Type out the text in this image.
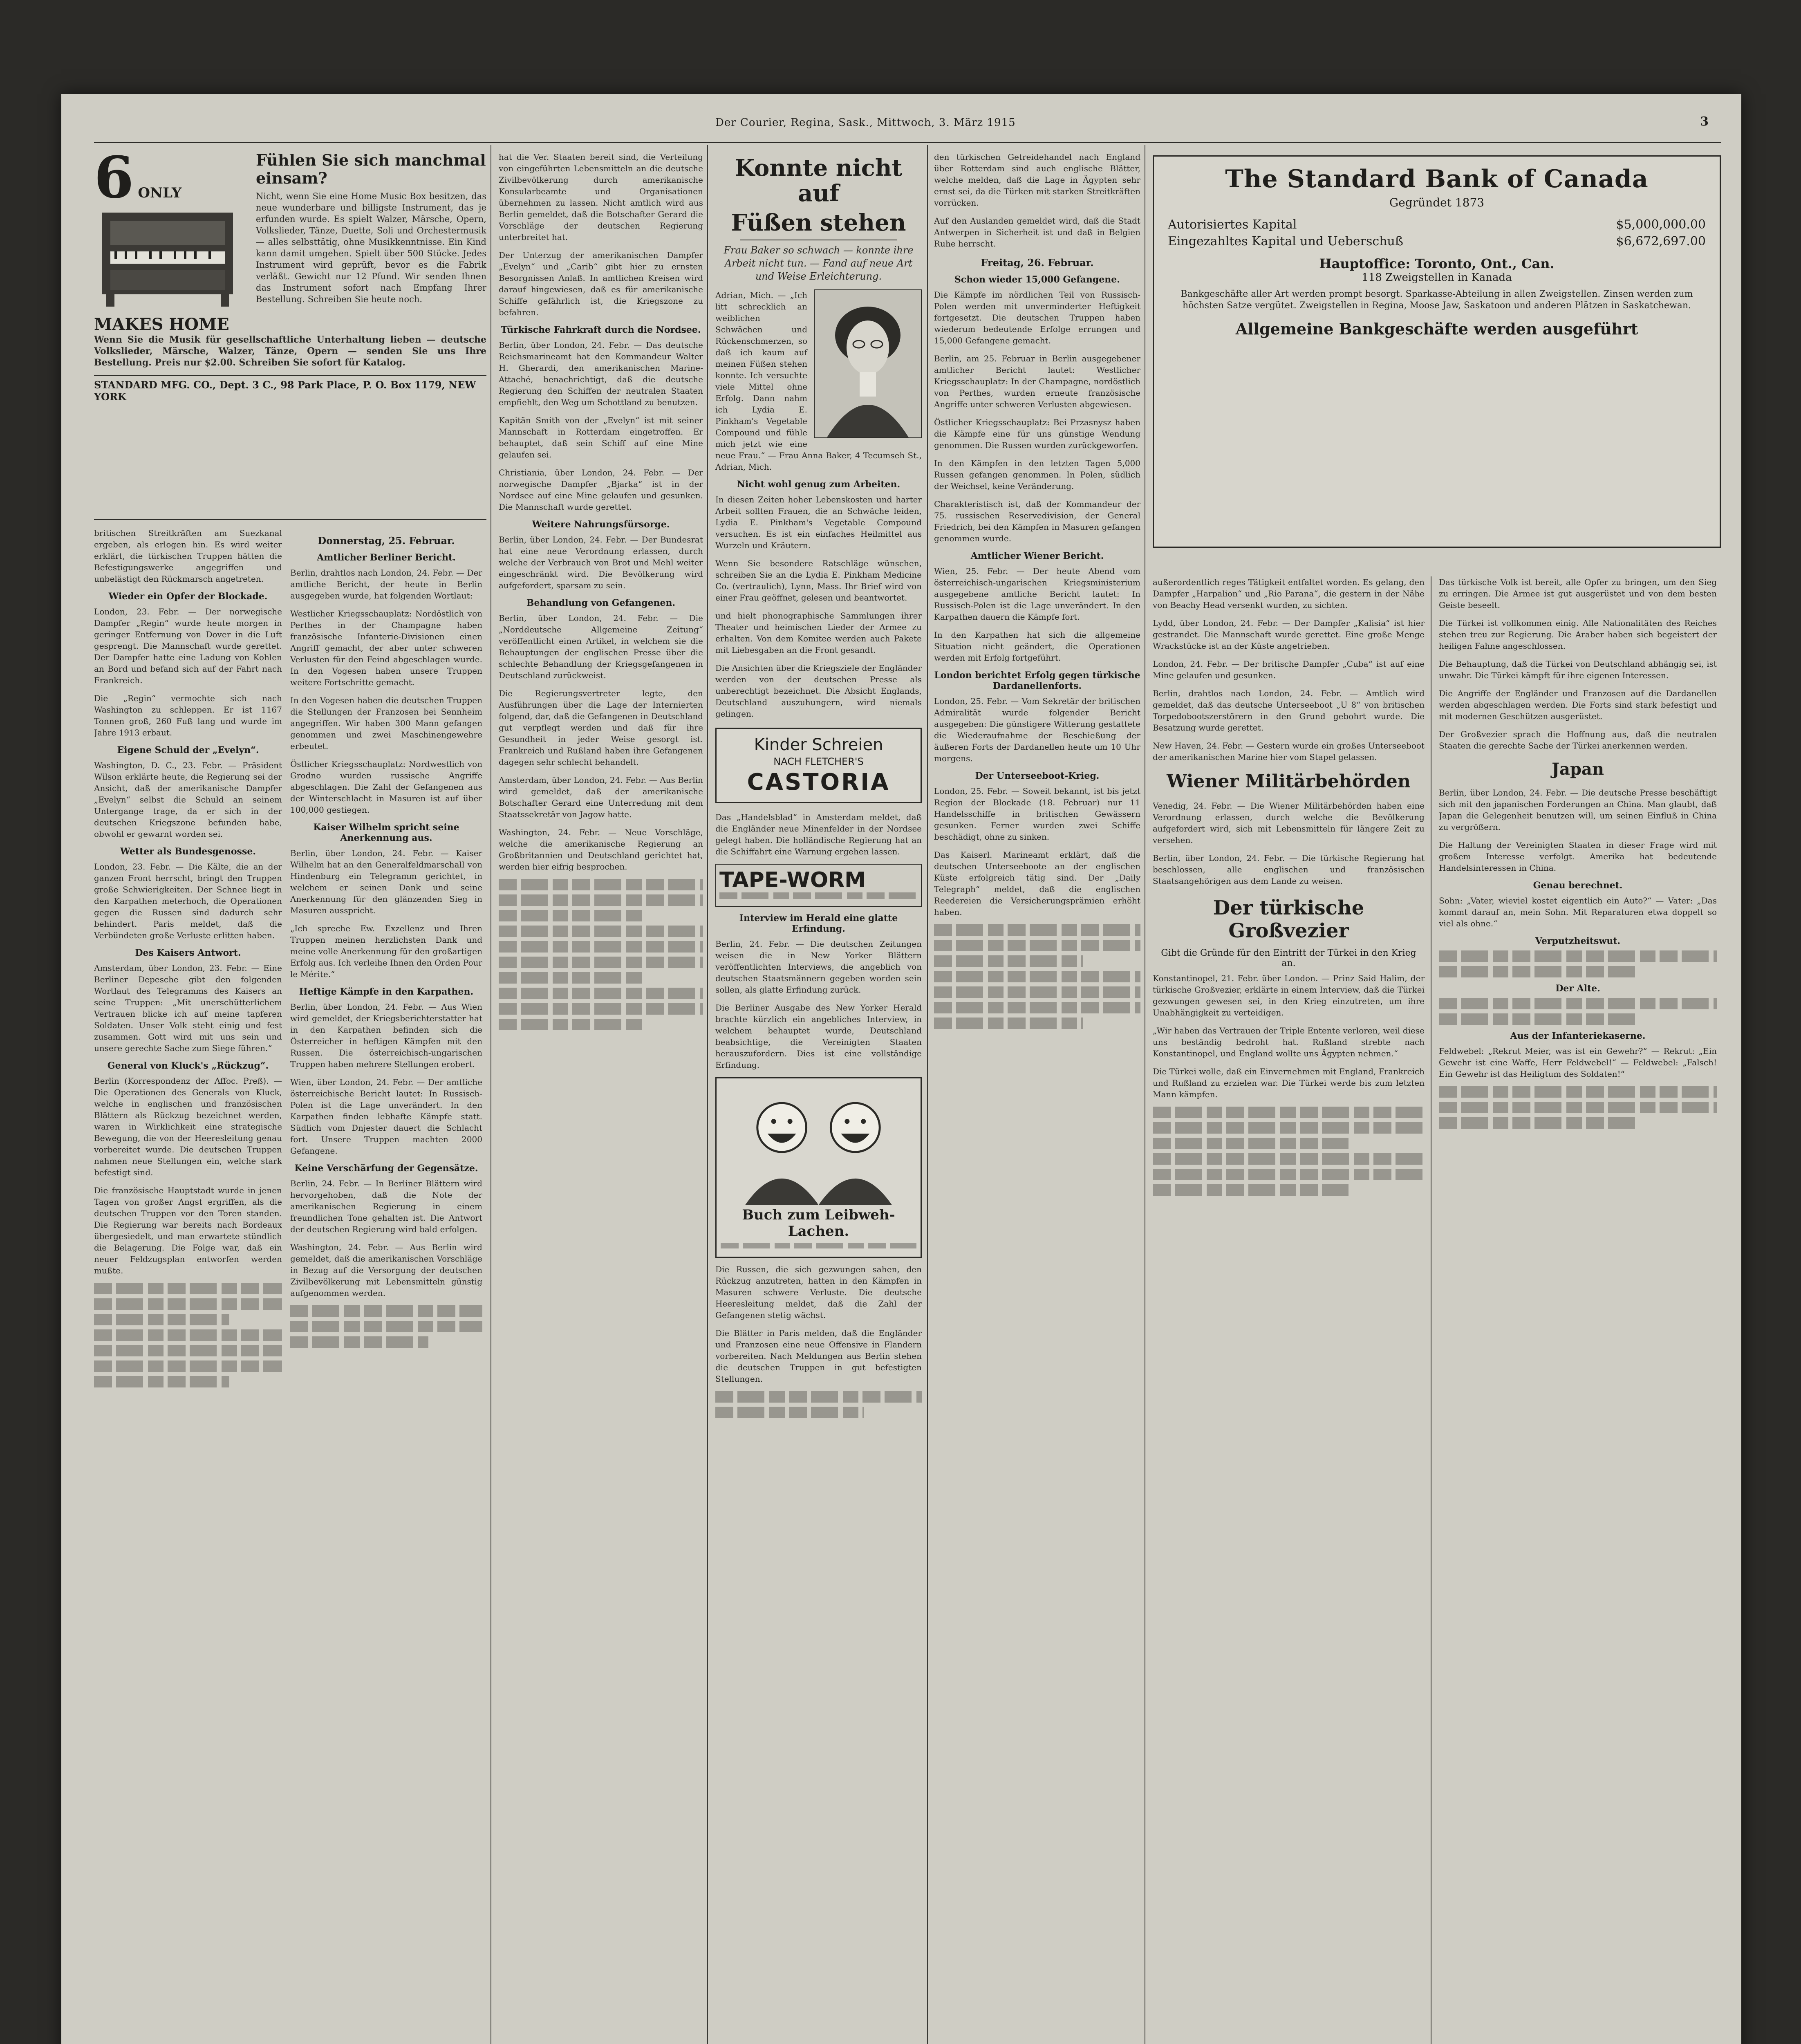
Der Courier, Regina, Sask., Mittwoch, 3. März 1915	3
6 ONLY
MAKES HOME
Fühlen Sie sich manchmal einsam?

Nicht, wenn Sie eine Home Music Box besitzen, das neue wunderbare und billigste Instrument, das je erfunden wurde. Es spielt Walzer, Märsche, Opern, Volkslieder, Tänze, Duette, Soli und Orchestermusik — alles selbsttätig, ohne Musikkenntnisse. Ein Kind kann damit umgehen. Spielt über 500 Stücke. Jedes Instrument wird geprüft, bevor es die Fabrik verläßt. Gewicht nur 12 Pfund. Wir senden Ihnen das Instrument sofort nach Empfang Ihrer Bestellung. Schreiben Sie heute noch.

Wenn Sie die Musik für gesellschaftliche Unterhaltung lieben — deutsche Volkslieder, Märsche, Walzer, Tänze, Opern — senden Sie uns Ihre Bestellung. Preis nur $2.00. Schreiben Sie sofort für Katalog.

STANDARD MFG. CO., Dept. 3 C., 98 Park Place, P. O. Box 1179, NEW YORK

britischen Streitkräften am Suezkanal ergeben, als erlogen hin. Es wird weiter erklärt, die türkischen Truppen hätten die Befestigungswerke angegriffen und unbelästigt den Rückmarsch angetreten.

Wieder ein Opfer der Blockade.

London, 23. Febr. — Der norwegische Dampfer „Regin“ wurde heute morgen in geringer Entfernung von Dover in die Luft gesprengt. Die Mannschaft wurde gerettet. Der Dampfer hatte eine Ladung von Kohlen an Bord und befand sich auf der Fahrt nach Frankreich.

Die „Regin“ vermochte sich nach Washington zu schleppen. Er ist 1167 Tonnen groß, 260 Fuß lang und wurde im Jahre 1913 erbaut.

Eigene Schuld der „Evelyn“.

Washington, D. C., 23. Febr. — Präsident Wilson erklärte heute, die Regierung sei der Ansicht, daß der amerikanische Dampfer „Evelyn“ selbst die Schuld an seinem Untergange trage, da er sich in der deutschen Kriegszone befunden habe, obwohl er gewarnt worden sei.

Wetter als Bundesgenosse.

London, 23. Febr. — Die Kälte, die an der ganzen Front herrscht, bringt den Truppen große Schwierigkeiten. Der Schnee liegt in den Karpathen meterhoch, die Operationen gegen die Russen sind dadurch sehr behindert. Paris meldet, daß die Verbündeten große Verluste erlitten haben.

Des Kaisers Antwort.

Amsterdam, über London, 23. Febr. — Eine Berliner Depesche gibt den folgenden Wortlaut des Telegramms des Kaisers an seine Truppen: „Mit unerschütterlichem Vertrauen blicke ich auf meine tapferen Soldaten. Unser Volk steht einig und fest zusammen. Gott wird mit uns sein und unsere gerechte Sache zum Siege führen.“

General von Kluck's „Rückzug“.

Berlin (Korrespondenz der Affoc. Preß). — Die Operationen des Generals von Kluck, welche in englischen und französischen Blättern als Rückzug bezeichnet werden, waren in Wirklichkeit eine strategische Bewegung, die von der Heeresleitung genau vorbereitet wurde. Die deutschen Truppen nahmen neue Stellungen ein, welche stark befestigt sind.

Die französische Hauptstadt wurde in jenen Tagen von großer Angst ergriffen, als die deutschen Truppen vor den Toren standen. Die Regierung war bereits nach Bordeaux übergesiedelt, und man erwartete stündlich die Belagerung. Die Folge war, daß ein neuer Feldzugsplan entworfen werden mußte.

Donnerstag, 25. Februar.
Amtlicher Berliner Bericht.

Berlin, drahtlos nach London, 24. Febr. — Der amtliche Bericht, der heute in Berlin ausgegeben wurde, hat folgenden Wortlaut:

Westlicher Kriegsschauplatz: Nordöstlich von Perthes in der Champagne haben französische Infanterie-Divisionen einen Angriff gemacht, der aber unter schweren Verlusten für den Feind abgeschlagen wurde. In den Vogesen haben unsere Truppen weitere Fortschritte gemacht.

In den Vogesen haben die deutschen Truppen die Stellungen der Franzosen bei Sennheim angegriffen. Wir haben 300 Mann gefangen genommen und zwei Maschinengewehre erbeutet.

Östlicher Kriegsschauplatz: Nordwestlich von Grodno wurden russische Angriffe abgeschlagen. Die Zahl der Gefangenen aus der Winterschlacht in Masuren ist auf über 100,000 gestiegen.

Kaiser Wilhelm spricht seine Anerkennung aus.

Berlin, über London, 24. Febr. — Kaiser Wilhelm hat an den Generalfeldmarschall von Hindenburg ein Telegramm gerichtet, in welchem er seinen Dank und seine Anerkennung für den glänzenden Sieg in Masuren ausspricht.

„Ich spreche Ew. Exzellenz und Ihren Truppen meinen herzlichsten Dank und meine volle Anerkennung für den großartigen Erfolg aus. Ich verleihe Ihnen den Orden Pour le Mérite.“

Heftige Kämpfe in den Karpathen.

Berlin, über London, 24. Febr. — Aus Wien wird gemeldet, der Kriegsberichterstatter hat in den Karpathen befinden sich die Österreicher in heftigen Kämpfen mit den Russen. Die österreichisch-ungarischen Truppen haben mehrere Stellungen erobert.

Wien, über London, 24. Febr. — Der amtliche österreichische Bericht lautet: In Russisch-Polen ist die Lage unverändert. In den Karpathen finden lebhafte Kämpfe statt. Südlich vom Dnjester dauert die Schlacht fort. Unsere Truppen machten 2000 Gefangene.

Keine Verschärfung der Gegensätze.

Berlin, 24. Febr. — In Berliner Blättern wird hervorgehoben, daß die Note der amerikanischen Regierung in einem freundlichen Tone gehalten ist. Die Antwort der deutschen Regierung wird bald erfolgen.

Washington, 24. Febr. — Aus Berlin wird gemeldet, daß die amerikanischen Vorschläge in Bezug auf die Versorgung der deutschen Zivilbevölkerung mit Lebensmitteln günstig aufgenommen werden.

hat die Ver. Staaten bereit sind, die Verteilung von eingeführten Lebensmitteln an die deutsche Zivilbevölkerung durch amerikanische Konsularbeamte und Organisationen übernehmen zu lassen. Nicht amtlich wird aus Berlin gemeldet, daß die Botschafter Gerard die Vorschläge der deutschen Regierung unterbreitet hat.

Der Unterzug der amerikanischen Dampfer „Evelyn“ und „Carib“ gibt hier zu ernsten Besorgnissen Anlaß. In amtlichen Kreisen wird darauf hingewiesen, daß es für amerikanische Schiffe gefährlich ist, die Kriegszone zu befahren.

Türkische Fahrkraft durch die Nordsee.

Berlin, über London, 24. Febr. — Das deutsche Reichsmarineamt hat den Kommandeur Walter H. Gherardi, den amerikanischen Marine-Attaché, benachrichtigt, daß die deutsche Regierung den Schiffen der neutralen Staaten empfiehlt, den Weg um Schottland zu benutzen.

Kapitän Smith von der „Evelyn“ ist mit seiner Mannschaft in Rotterdam eingetroffen. Er behauptet, daß sein Schiff auf eine Mine gelaufen sei.

Christiania, über London, 24. Febr. — Der norwegische Dampfer „Bjarka“ ist in der Nordsee auf eine Mine gelaufen und gesunken. Die Mannschaft wurde gerettet.

Weitere Nahrungsfürsorge.

Berlin, über London, 24. Febr. — Der Bundesrat hat eine neue Verordnung erlassen, durch welche der Verbrauch von Brot und Mehl weiter eingeschränkt wird. Die Bevölkerung wird aufgefordert, sparsam zu sein.

Behandlung von Gefangenen.

Berlin, über London, 24. Febr. — Die „Norddeutsche Allgemeine Zeitung“ veröffentlicht einen Artikel, in welchem sie die Behauptungen der englischen Presse über die schlechte Behandlung der Kriegsgefangenen in Deutschland zurückweist.

Die Regierungsvertreter legte, den Ausführungen über die Lage der Internierten folgend, dar, daß die Gefangenen in Deutschland gut verpflegt werden und daß für ihre Gesundheit in jeder Weise gesorgt ist. Frankreich und Rußland haben ihre Gefangenen dagegen sehr schlecht behandelt.

Amsterdam, über London, 24. Febr. — Aus Berlin wird gemeldet, daß der amerikanische Botschafter Gerard eine Unterredung mit dem Staatssekretär von Jagow hatte.

Washington, 24. Febr. — Neue Vorschläge, welche die amerikanische Regierung an Großbritannien und Deutschland gerichtet hat, werden hier eifrig besprochen.

Konnte nicht auf
Füßen stehen

Frau Baker so schwach — konnte ihre Arbeit nicht tun. — Fand auf neue Art und Weise Erleichterung.

Adrian, Mich. — „Ich litt schrecklich an weiblichen Schwächen und Rückenschmerzen, so daß ich kaum auf meinen Füßen stehen konnte. Ich versuchte viele Mittel ohne Erfolg. Dann nahm ich Lydia E. Pinkham's Vegetable Compound und fühle mich jetzt wie eine neue Frau.“ — Frau Anna Baker, 4 Tecumseh St., Adrian, Mich.

Nicht wohl genug zum Arbeiten.

In diesen Zeiten hoher Lebenskosten und harter Arbeit sollten Frauen, die an Schwäche leiden, Lydia E. Pinkham's Vegetable Compound versuchen. Es ist ein einfaches Heilmittel aus Wurzeln und Kräutern.

Wenn Sie besondere Ratschläge wünschen, schreiben Sie an die Lydia E. Pinkham Medicine Co. (vertraulich), Lynn, Mass. Ihr Brief wird von einer Frau geöffnet, gelesen und beantwortet.

und hielt phonographische Sammlungen ihrer Theater und heimischen Lieder der Armee zu erhalten. Von dem Komitee werden auch Pakete mit Liebesgaben an die Front gesandt.

Die Ansichten über die Kriegsziele der Engländer werden von der deutschen Presse als unberechtigt bezeichnet. Die Absicht Englands, Deutschland auszuhungern, wird niemals gelingen.

Kinder Schreien
NACH FLETCHER'S
CASTORIA

Das „Handelsblad“ in Amsterdam meldet, daß die Engländer neue Minenfelder in der Nordsee gelegt haben. Die holländische Regierung hat an die Schiffahrt eine Warnung ergehen lassen.

TAPE-WORM
Interview im Herald eine glatte Erfindung.

Berlin, 24. Febr. — Die deutschen Zeitungen weisen die in New Yorker Blättern veröffentlichten Interviews, die angeblich von deutschen Staatsmännern gegeben worden sein sollen, als glatte Erfindung zurück.

Die Berliner Ausgabe des New Yorker Herald brachte kürzlich ein angebliches Interview, in welchem behauptet wurde, Deutschland beabsichtige, die Vereinigten Staaten herauszufordern. Dies ist eine vollständige Erfindung.

Buch zum Leibweh-Lachen.

Die Russen, die sich gezwungen sahen, den Rückzug anzutreten, hatten in den Kämpfen in Masuren schwere Verluste. Die deutsche Heeresleitung meldet, daß die Zahl der Gefangenen stetig wächst.

Die Blätter in Paris melden, daß die Engländer und Franzosen eine neue Offensive in Flandern vorbereiten. Nach Meldungen aus Berlin stehen die deutschen Truppen in gut befestigten Stellungen.

den türkischen Getreidehandel nach England über Rotterdam sind auch englische Blätter, welche melden, daß die Lage in Ägypten sehr ernst sei, da die Türken mit starken Streitkräften vorrücken.

Auf den Auslanden gemeldet wird, daß die Stadt Antwerpen in Sicherheit ist und daß in Belgien Ruhe herrscht.

Freitag, 26. Februar.
Schon wieder 15,000 Gefangene.

Die Kämpfe im nördlichen Teil von Russisch-Polen werden mit unverminderter Heftigkeit fortgesetzt. Die deutschen Truppen haben wiederum bedeutende Erfolge errungen und 15,000 Gefangene gemacht.

Berlin, am 25. Februar in Berlin ausgegebener amtlicher Bericht lautet: Westlicher Kriegsschauplatz: In der Champagne, nordöstlich von Perthes, wurden erneute französische Angriffe unter schweren Verlusten abgewiesen.

Östlicher Kriegsschauplatz: Bei Przasnysz haben die Kämpfe eine für uns günstige Wendung genommen. Die Russen wurden zurückgeworfen.

In den Kämpfen in den letzten Tagen 5,000 Russen gefangen genommen. In Polen, südlich der Weichsel, keine Veränderung.

Charakteristisch ist, daß der Kommandeur der 75. russischen Reservedivision, der General Friedrich, bei den Kämpfen in Masuren gefangen genommen wurde.

Amtlicher Wiener Bericht.

Wien, 25. Febr. — Der heute Abend vom österreichisch-ungarischen Kriegsministerium ausgegebene amtliche Bericht lautet: In Russisch-Polen ist die Lage unverändert. In den Karpathen dauern die Kämpfe fort.

In den Karpathen hat sich die allgemeine Situation nicht geändert, die Operationen werden mit Erfolg fortgeführt.

London berichtet Erfolg gegen türkische Dardanellenforts.

London, 25. Febr. — Vom Sekretär der britischen Admiralität wurde folgender Bericht ausgegeben: Die günstigere Witterung gestattete die Wiederaufnahme der Beschießung der äußeren Forts der Dardanellen heute um 10 Uhr morgens.

Der Unterseeboot-Krieg.

London, 25. Febr. — Soweit bekannt, ist bis jetzt Region der Blockade (18. Februar) nur 11 Handelsschiffe in britischen Gewässern gesunken. Ferner wurden zwei Schiffe beschädigt, ohne zu sinken.

Das Kaiserl. Marineamt erklärt, daß die deutschen Unterseeboote an der englischen Küste erfolgreich tätig sind. Der „Daily Telegraph“ meldet, daß die englischen Reedereien die Versicherungsprämien erhöht haben.

The Standard Bank of Canada
Gegründet 1873
Autorisiertes Kapital	$5,000,000.00
Eingezahltes Kapital und Ueberschuß	$6,672,697.00
Hauptoffice: Toronto, Ont., Can.
118 Zweigstellen in Kanada

Bankgeschäfte aller Art werden prompt besorgt. Sparkasse-Abteilung in allen Zweigstellen. Zinsen werden zum höchsten Satze vergütet. Zweigstellen in Regina, Moose Jaw, Saskatoon und anderen Plätzen in Saskatchewan.

Allgemeine Bankgeschäfte werden ausgeführt

außerordentlich reges Tätigkeit entfaltet worden. Es gelang, den Dampfer „Harpalion“ und „Rio Parana“, die gestern in der Nähe von Beachy Head versenkt wurden, zu sichten.

Lydd, über London, 24. Febr. — Der Dampfer „Kalisia“ ist hier gestrandet. Die Mannschaft wurde gerettet. Eine große Menge Wrackstücke ist an der Küste angetrieben.

London, 24. Febr. — Der britische Dampfer „Cuba“ ist auf eine Mine gelaufen und gesunken.

Berlin, drahtlos nach London, 24. Febr. — Amtlich wird gemeldet, daß das deutsche Unterseeboot „U 8“ von britischen Torpedobootszerstörern in den Grund gebohrt wurde. Die Besatzung wurde gerettet.

New Haven, 24. Febr. — Gestern wurde ein großes Unterseeboot der amerikanischen Marine hier vom Stapel gelassen.

Wiener Militärbehörden

Venedig, 24. Febr. — Die Wiener Militärbehörden haben eine Verordnung erlassen, durch welche die Bevölkerung aufgefordert wird, sich mit Lebensmitteln für längere Zeit zu versehen.

Berlin, über London, 24. Febr. — Die türkische Regierung hat beschlossen, alle englischen und französischen Staatsangehörigen aus dem Lande zu weisen.

Der türkische Großvezier
Gibt die Gründe für den Eintritt der Türkei in den Krieg an.

Konstantinopel, 21. Febr. über London. — Prinz Said Halim, der türkische Großvezier, erklärte in einem Interview, daß die Türkei gezwungen gewesen sei, in den Krieg einzutreten, um ihre Unabhängigkeit zu verteidigen.

„Wir haben das Vertrauen der Triple Entente verloren, weil diese uns beständig bedroht hat. Rußland strebte nach Konstantinopel, und England wollte uns Ägypten nehmen.“

Die Türkei wolle, daß ein Einvernehmen mit England, Frankreich und Rußland zu erzielen war. Die Türkei werde bis zum letzten Mann kämpfen.

Das türkische Volk ist bereit, alle Opfer zu bringen, um den Sieg zu erringen. Die Armee ist gut ausgerüstet und von dem besten Geiste beseelt.

Die Türkei ist vollkommen einig. Alle Nationalitäten des Reiches stehen treu zur Regierung. Die Araber haben sich begeistert der heiligen Fahne angeschlossen.

Die Behauptung, daß die Türkei von Deutschland abhängig sei, ist unwahr. Die Türkei kämpft für ihre eigenen Interessen.

Die Angriffe der Engländer und Franzosen auf die Dardanellen werden abgeschlagen werden. Die Forts sind stark befestigt und mit modernen Geschützen ausgerüstet.

Der Großvezier sprach die Hoffnung aus, daß die neutralen Staaten die gerechte Sache der Türkei anerkennen werden.

Japan

Berlin, über London, 24. Febr. — Die deutsche Presse beschäftigt sich mit den japanischen Forderungen an China. Man glaubt, daß Japan die Gelegenheit benutzen will, um seinen Einfluß in China zu vergrößern.

Die Haltung der Vereinigten Staaten in dieser Frage wird mit großem Interesse verfolgt. Amerika hat bedeutende Handelsinteressen in China.

Genau berechnet.

Sohn: „Vater, wieviel kostet eigentlich ein Auto?“ — Vater: „Das kommt darauf an, mein Sohn. Mit Reparaturen etwa doppelt so viel als ohne.“

Verputzheitswut.
Der Alte.
Aus der Infanteriekaserne.

Feldwebel: „Rekrut Meier, was ist ein Gewehr?“ — Rekrut: „Ein Gewehr ist eine Waffe, Herr Feldwebel!“ — Feldwebel: „Falsch! Ein Gewehr ist das Heiligtum des Soldaten!“
